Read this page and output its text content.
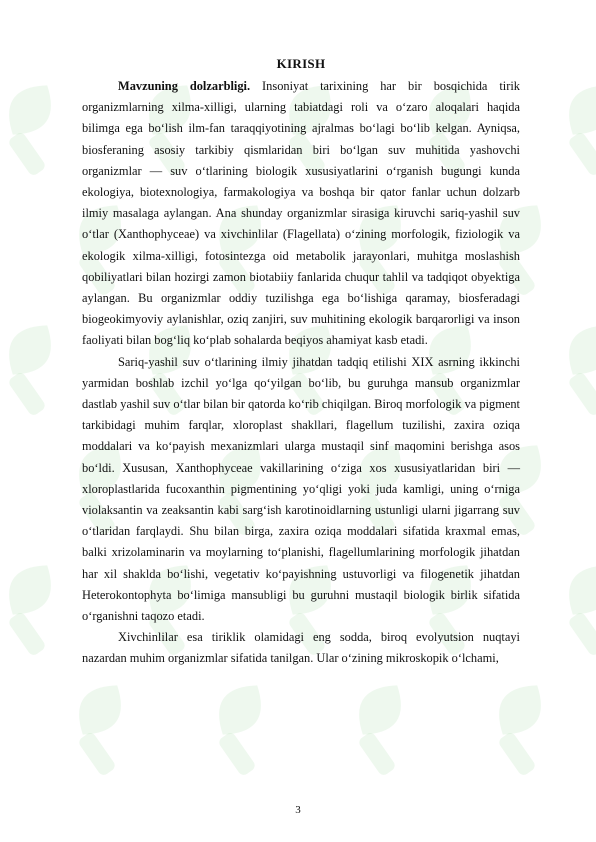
KIRISH

Mavzuning dolzarbligi. Insoniyat tarixining har bir bosqichida tirik organizmlarning xilma-xilligi, ularning tabiatdagi roli va o‘zaro aloqalari haqida bilimga ega bo‘lish ilm-fan taraqqiyotining ajralmas bo‘lagi bo‘lib kelgan. Ayniqsa, biosferaning asosiy tarkibiy qismlaridan biri bo‘lgan suv muhitida yashovchi organizmlar — suv o‘tlarining biologik xususiyatlarini o‘rganish bugungi kunda ekologiya, biotexnologiya, farmakologiya va boshqa bir qator fanlar uchun dolzarb ilmiy masalaga aylangan. Ana shunday organizmlar sirasiga kiruvchi sariq-yashil suv o‘tlar (Xanthophyceae) va xivchinlilar (Flagellata) o‘zining morfologik, fiziologik va ekologik xilma-xilligi, fotosintezga oid metabolik jarayonlari, muhitga moslashish qobiliyatlari bilan hozirgi zamon biotabiiy fanlarida chuqur tahlil va tadqiqot obyektiga aylangan. Bu organizmlar oddiy tuzilishga ega bo‘lishiga qaramay, biosferadagi biogeokimyoviy aylanishlar, oziq zanjiri, suv muhitining ekologik barqarorligi va inson faoliyati bilan bog‘liq ko‘plab sohalarda beqiyos ahamiyat kasb etadi.

Sariq-yashil suv o‘tlarining ilmiy jihatdan tadqiq etilishi XIX asrning ikkinchi yarmidan boshlab izchil yo‘lga qo‘yilgan bo‘lib, bu guruhga mansub organizmlar dastlab yashil suv o‘tlar bilan bir qatorda ko‘rib chiqilgan. Biroq morfologik va pigment tarkibidagi muhim farqlar, xloroplast shakllari, flagellum tuzilishi, zaxira oziqa moddalari va ko‘payish mexanizmlari ularga mustaqil sinf maqomini berishga asos bo‘ldi. Xususan, Xanthophyceae vakillarining o‘ziga xos xususiyatlaridan biri — xloroplastlarida fucoxanthin pigmentining yo‘qligi yoki juda kamligi, uning o‘rniga violaksantin va zeaksantin kabi sarg‘ish karotinoidlarning ustunligi ularni jigarrang suv o‘tlaridan farqlaydi. Shu bilan birga, zaxira oziqa moddalari sifatida kraxmal emas, balki xrizolaminarin va moylarning to‘planishi, flagellumlarining morfologik jihatdan har xil shaklda bo‘lishi, vegetativ ko‘payishning ustuvorligi va filogenetik jihatdan Heterokontophyta bo‘limiga mansubligi bu guruhni mustaqil biologik birlik sifatida o‘rganishni taqozo etadi.

Xivchinlilar esa tiriklik olamidagi eng sodda, biroq evolyutsion nuqtayi nazardan muhim organizmlar sifatida tanilgan. Ular o‘zining mikroskopik o‘lchami,

3
